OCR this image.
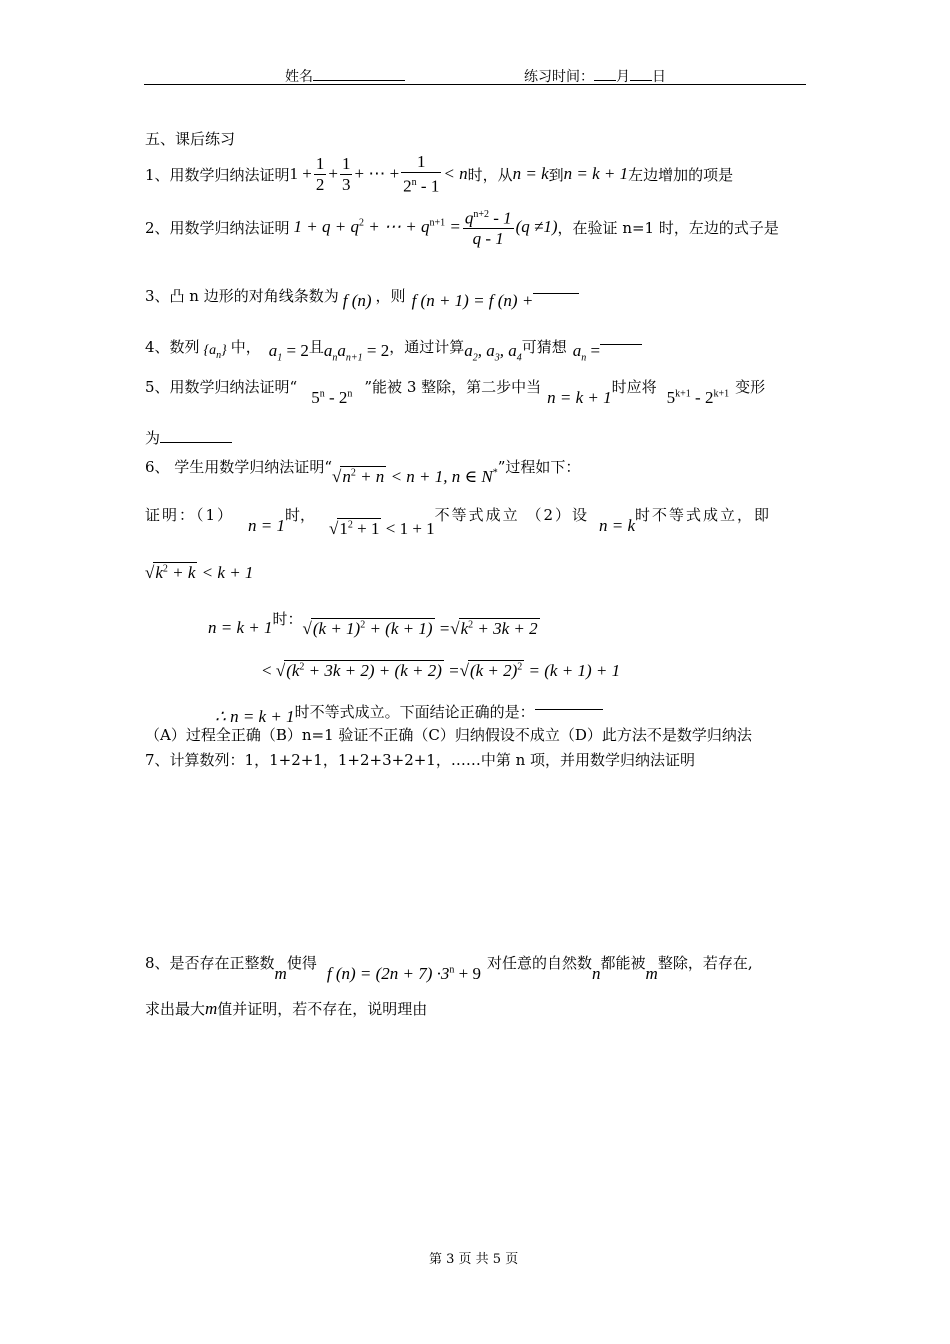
姓名	练习时间： 月 日
五、课后练习
1、用数学归纳法证明 $1 + \frac{1}{2} + \frac{1}{3}$ + ⋯ + $\frac{1}{2^n - 1} < n$ 时，从 n = k 到 n = k + 1 左边增加的项是
2、用数学归纳法证明 $1 + q + q^2$ + ⋯ + $q^{n+1} = \frac{q^{n+2} - 1}{q - 1} (q \ne 1)$ ，在验证 n=1 时，左边的式子是
3、凸 n 边形的对角线条数为 f (n) ，则 f (n + 1) = f (n) +
4、数列 $\{a_n\}$ 中， $a_1 = 2$ 且 $a_na_{n+1} = 2$ ，通过计算 $a_2$, $a_3$, $a_4$
可猜想 $a_n$ =
5、用数学归纳法证明“
5$^n$ - 2$^n$ ”能被 3 整除，第二步中当
n = k + 1
时应将
$5^{k+1} - 2^{k+1}$ 变形
为
6、 学生用数学归纳法证明“ $√n^2 + n < n + 1$, n ∈ N* ”过程如下：
证明：（1）
n = 1
时，
$√1^2 + 1 < 1 + 1$
不等式成立 （2）设
n = k
时不等式成立，即
$√k^2 + k < k + 1$
n = k + 1 时： $√(k + 1)^2 + (k + 1) =√k^2 + 3k + 2$
< $√(k^2 + 3k + 2) + (k + 2) =√(k + 2)^2 = (k + 1) + 1$
∴ n = k + 1 时不等式成立。下面结论正确的是：
（A）过程全正确（B）n=1 验证不正确（C）归纳假设不成立（D）此方法不是数学归纳法
7、计算数列：1，1+2+1，1+2+3+2+1，……中第 n 项，并用数学归纳法证明
8、是否存在正整数
m
使得
f $(n) = (2n + 7) \cdot 3^n + 9$
对任意的自然数
n
都能被
m
整除，若存在,
求出最大 m 值并证明，若不存在，说明理由
第 3 页 共 5 页
